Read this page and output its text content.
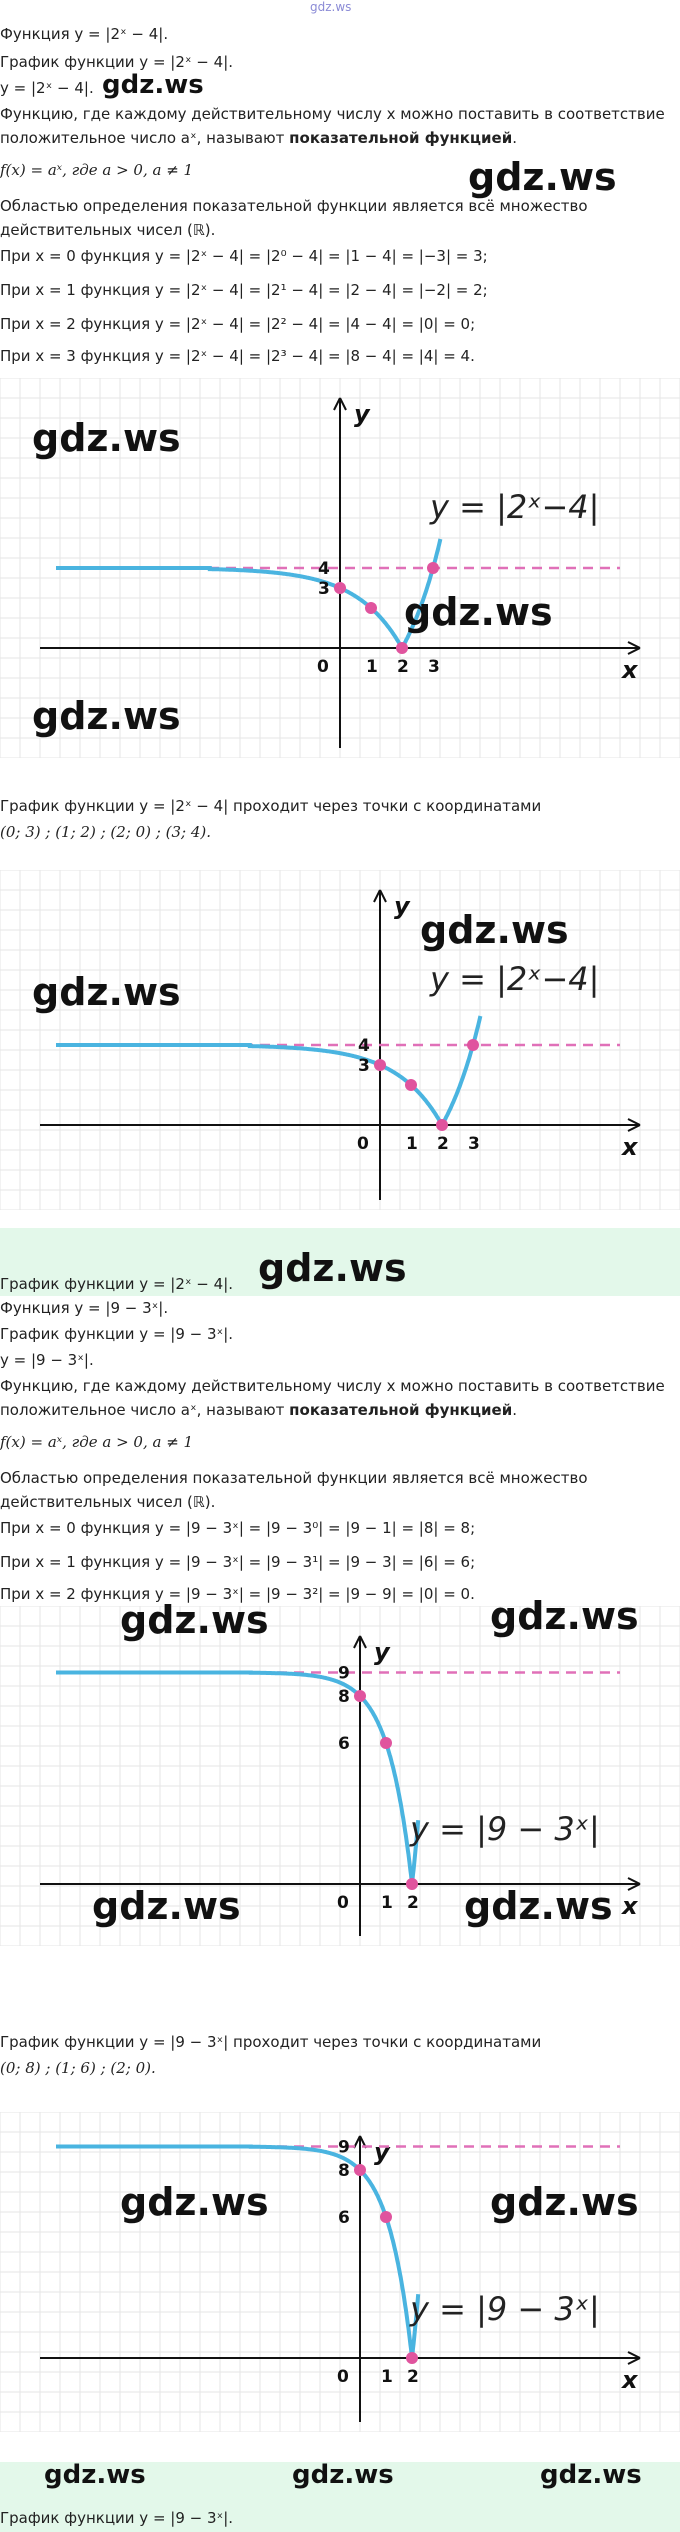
gdz.ws
Функция y = |2ˣ − 4|.
График функции y = |2ˣ − 4|.
y = |2ˣ − 4|. gdz.ws
Функцию, где каждому действительному числу x можно поставить в соответствие
положительное число aˣ, называют показательной функцией.
f(x) = aˣ, где a > 0, a ≠ 1	gdz.ws
Областью определения показательной функции является всё множество
действительных чисел (ℝ).
При x = 0 функция y = |2ˣ − 4| = |2⁰ − 4| = |1 − 4| = |−3| = 3;
При x = 1 функция y = |2ˣ − 4| = |2¹ − 4| = |2 − 4| = |−2| = 2;
При x = 2 функция y = |2ˣ − 4| = |2² − 4| = |4 − 4| = |0| = 0;
При x = 3 функция y = |2ˣ − 4| = |2³ − 4| = |8 − 4| = |4| = 4.
x
y
4
3
0 1 2 3
y = |2ˣ−4|
gdz.ws
gdz.ws
gdz.ws
График функции y = |2ˣ − 4| проходит через точки с координатами
(0; 3) ; (1; 2) ; (2; 0) ; (3; 4).
x
y
4
3
0 1 2 3
y = |2ˣ−4|
gdz.ws
gdz.ws
gdz.ws
График функции y = |2ˣ − 4|.
Функция y = |9 − 3ˣ|.
График функции y = |9 − 3ˣ|.
y = |9 − 3ˣ|.
Функцию, где каждому действительному числу x можно поставить в соответствие
положительное число aˣ, называют показательной функцией.
f(x) = aˣ, где a > 0, a ≠ 1
Областью определения показательной функции является всё множество
действительных чисел (ℝ).
При x = 0 функция y = |9 − 3ˣ| = |9 − 3⁰| = |9 − 1| = |8| = 8;
При x = 1 функция y = |9 − 3ˣ| = |9 − 3¹| = |9 − 3| = |6| = 6;
При x = 2 функция y = |9 − 3ˣ| = |9 − 3²| = |9 − 9| = |0| = 0.
x
y
9
8
6
0 1 2
y = |9 − 3ˣ|
gdz.ws	gdz.ws
gdz.ws	gdz.ws
График функции y = |9 − 3ˣ| проходит через точки с координатами
(0; 8) ; (1; 6) ; (2; 0).
x
y
9
8
6
0 1 2
y = |9 − 3ˣ|
gdz.ws	gdz.ws
gdz.ws	gdz.ws	gdz.ws
График функции y = |9 − 3ˣ|.
